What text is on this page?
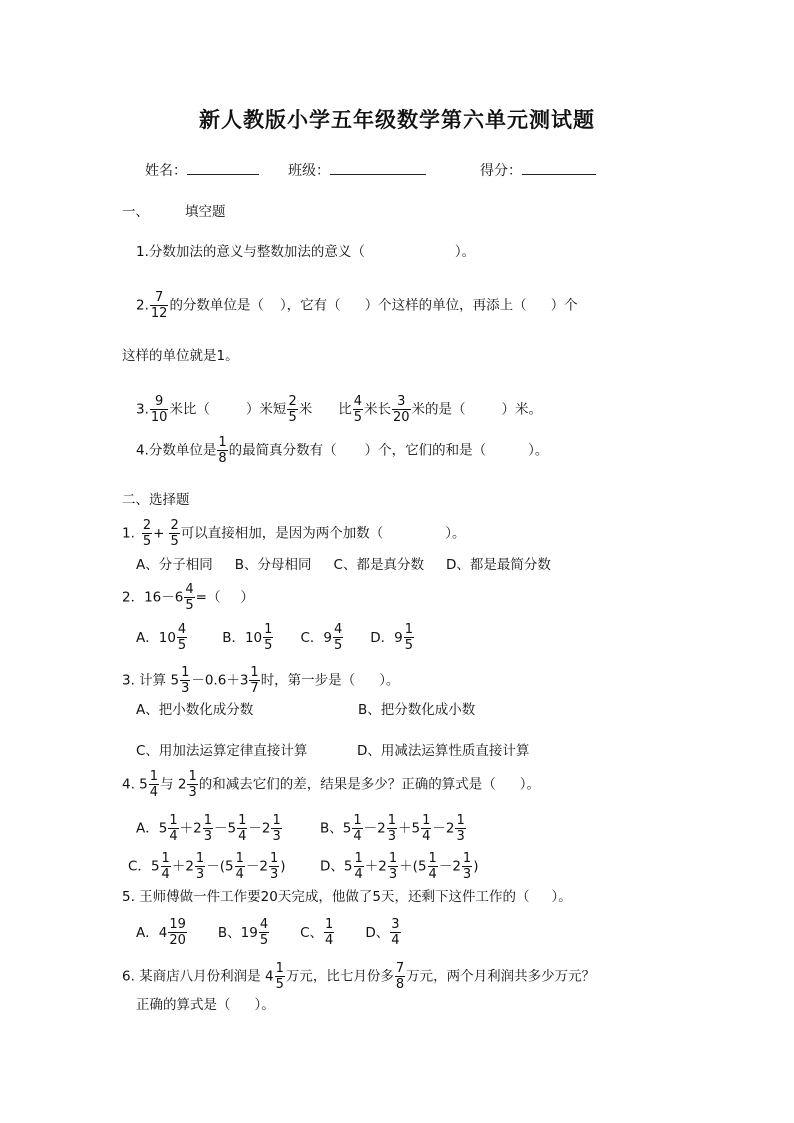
新人教版小学五年级数学第六单元测试题
姓名：	班级：	得分：
一、	填空题
1.分数加法的意义与整数加法的意义（	）。
2. $\frac{7}{12}$ 的分数单位是（ ），它有（ ）个这样的单位，再添上（ ）个
这样的单位就是1。
3. $\frac{9}{10}$ 米比（	）米短 $\frac{2}{5}$ 米 比 $\frac{4}{5}$ 米长 $\frac{3}{20}$ 米的是（	）米。
4.分数单位是 $\frac{1}{8}$ 的最简真分数有（ ）个，它们的和是（	）。
二、选择题
1. $\frac{2}{5} + \frac{2}{5}$ 可以直接相加，是因为两个加数（	）。
A、分子相同 B、分母相同 C、都是真分数 D、都是最简分数
2．$16-6 \frac{4}{5}$ =（ ）
A．$10 \frac{4}{5}$	B．$10 \frac{1}{5}$ C．$9 \frac{4}{5}$ D．$9 \frac{1}{5}$
3. 计算 $5 \frac{1}{3} -0.6+3 \frac{1}{7}$ 时，第一步是（ ）。
A、把小数化成分数	B、把分数化成小数
C、用加法运算定律直接计算	D、用减法运算性质直接计算
4. $5 \frac{1}{4}$ 与 $2 \frac{1}{3}$ 的和减去它们的差，结果是多少？正确的算式是（ ）。
A．$5 \frac{1}{4} +2 \frac{1}{3} -5 \frac{1}{4} -2 \frac{1}{3}$	B、$5 \frac{1}{4} -2 \frac{1}{3} +5 \frac{1}{4} -2 \frac{1}{3}$
C．$5 \frac{1}{4} +2 \frac{1}{3} -(5 \frac{1}{4} -2 \frac{1}{3}$ )	D、$5 \frac{1}{4} +2 \frac{1}{3} +(5 \frac{1}{4} -2 \frac{1}{3}$ )
5. 王师傅做一件工作要20天完成，他做了5天，还剩下这件工作的（ ）。
A．$4 \frac{19}{20}$ B、$19 \frac{4}{5}$ C、 $\frac{1}{4}$ D、 $\frac{3}{4}$
6. 某商店八月份利润是 $4 \frac{1}{5}$ 万元，比七月份多 $\frac{7}{8}$ 万元，两个月利润共多少万元？
正确的算式是（ ）。
